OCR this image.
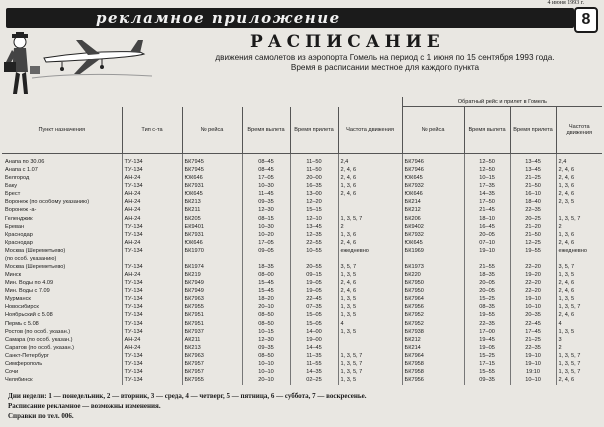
4 июня 1993 г.
рекламное приложение	8
РАСПИСАНИЕ
движения самолетов из аэропорта Гомель на период с 1 июня по 15 сентября 1993 года.
Время в расписании местное для каждого пункта
						Обратный рейс и прилет в Гомель			
Пункт назначения	Тип с-та	№ рейса	Время вылета	Время прилета	Частота движения	№ рейса	Время вылета	Время прилета	Частота движения

Анапа по 30.06	ТУ-134	БК7945	08–45	11–50	2,4	БК7946	12–50	13–45	2,4
Анапа с 1.07	ТУ-134	БК7945	08–45	11–50	2, 4, 6	БК7946	12–50	13–45	2, 4, 6
Белгород	АН-24	ЮК646	17–05	20–00	2, 4, 6	ЮК645	10–15	21–25	2, 4, 6
Баку	ТУ-134	БК7931	10–30	16–35	1, 3, 6	БК7932	17–35	21–50	1, 3, 6
Брест	АН-24	ЮК645	11–45	13–00	2, 4, 6	ЮК646	14–35	16–10	2, 4, 6
Воронеж (по особому указанию)	АН-24	БК213	09–35	12–20		БК214	17–50	18–40	2, 3, 5
Воронеж -а-	АН-24	БК211	12–30	15–15		БК212	21–45	22–35	
Геленджик	АН-24	БК205	08–15	12–10	1, 3, 5, 7	БК206	18–10	20–25	1, 3, 5, 7
Ереван	ТУ-134	ЕК9401	10–30	13–45	2	БК9402	16–45	21–20	2
Краснодар	ТУ-134	БК7931	10–20	12–35	1, 3, 6	БК7932	20–05	21–50	1, 3, 6
Краснодар	АН-24	ЮК646	17–05	22–55	2, 4, 6	ЮК645	07–10	12–25	2, 4, 6
Москва (Шереметьево)	ТУ-134	БК1970	09–05	10–55	ежедневно	БК1969	19–10	19–55	ежедневно
(по особ. указанию)									
Москва (Шереметьево)	ТУ-134	БК1974	18–35	20–55	3, 5, 7	БК1973	21–55	22–20	3, 5, 7
Минск	АН-24	БК219	08–00	09–15	1, 3, 5	БК220	18–35	19–20	1, 3, 5
Мин. Воды по 4.09	ТУ-134	БК7949	15–45	19–05	2, 4, 6	БК7950	20–05	22–20	2, 4, 6
Мин. Воды с 7.09	ТУ-134	БК7949	15–45	19–05	2, 4, 6	БК7950	20–05	22–20	2, 4, 6
Мурманск	ТУ-134	БК7963	18–20	22–45	1, 3, 5	БК7964	15–25	19–10	1, 3, 5
Новосибирск	ТУ-134	БК7955	20–10	07–35	1, 3, 5	БК7956	08–35	10–10	1, 3, 5, 7
Ноябрьский с 5.08	ТУ-134	БК7951	08–50	15–05	1, 3, 5	БК7952	19–55	20–35	2, 4, 6
Пермь с 5.08	ТУ-134	БК7951	08–50	15–05	4	БК7952	22–35	22–45	4
Ростов (по особ. указан.)	ТУ-134	БК7937	10–15	14–00	1, 3, 5	БК7938	17–00	17–45	1, 3, 5
Самара (по особ. указан.)	АН-24	АК211	12–30	19–00		БК212	19–45	21–25	3
Саратов (по особ. указан.)	АН-24	БК213	09–35	14–45		БК214	19–05	22–35	2
Санкт-Петербург	ТУ-134	БК7963	08–50	11–35	1, 3, 5, 7	БК7964	15–25	19–10	1, 3, 5, 7
Симферополь	ТУ-134	БК7957	10–10	11–55	1, 3, 5, 7	БК7958	17–15	19–10	1, 3, 5, 7
Сочи	ТУ-134	БК7957	10–10	14–35	1, 3, 5, 7	БК7958	15–55	19:10	1, 3, 5, 7
Челябинск	ТУ-134	БК7955	20–10	02–25	1, 3, 5	БК7956	09–35	10–10	2, 4, 6
Дни недели: 1 — понедельник, 2 — вторник, 3 — среда, 4 — четверг, 5 — пятница, 6 — суббота, 7 — воскресенье.
Расписание рекламное — возможны изменения.
Справки по тел. 006.
